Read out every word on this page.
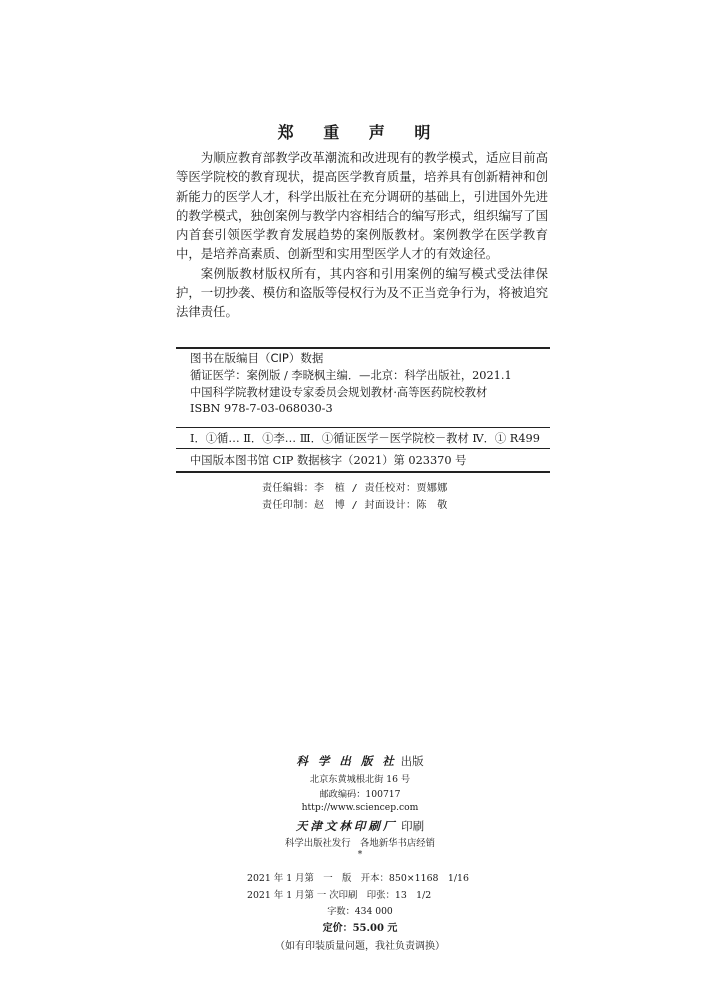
郑 重 声 明

为顺应教育部教学改革潮流和改进现有的教学模式，适应目前高等医学院校的教育现状，提高医学教育质量，培养具有创新精神和创新能力的医学人才，科学出版社在充分调研的基础上，引进国外先进的教学模式，独创案例与教学内容相结合的编写形式，组织编写了国内首套引领医学教育发展趋势的案例版教材。案例教学在医学教育中，是培养高素质、创新型和实用型医学人才的有效途径。

案例版教材版权所有，其内容和引用案例的编写模式受法律保护，一切抄袭、模仿和盗版等侵权行为及不正当竞争行为，将被追究法律责任。

图书在版编目（CIP）数据
循证医学：案例版 / 李晓枫主编．—北京：科学出版社，2021.1
中国科学院教材建设专家委员会规划教材·高等医药院校教材
ISBN 978-7-03-068030-3
Ⅰ．①循… Ⅱ．①李… Ⅲ．①循证医学－医学院校－教材 Ⅳ．① R499
中国版本图书馆 CIP 数据核字（2021）第 023370 号
责任编辑：李　植 / 责任校对：贾娜娜
责任印制：赵　博 / 封面设计：陈　敬
科 学 出 版 社 出版
北京东黄城根北街 16 号
邮政编码：100717
http://www.sciencep.com
天津文林印刷厂 印刷
科学出版社发行　各地新华书店经销
*
2021 年 1 月第　一　版　开本：850×1168　1/16
2021 年 1 月第 一 次印刷　印张：13　1/2
字数：434 000
定价：55.00 元
（如有印装质量问题，我社负责调换）
